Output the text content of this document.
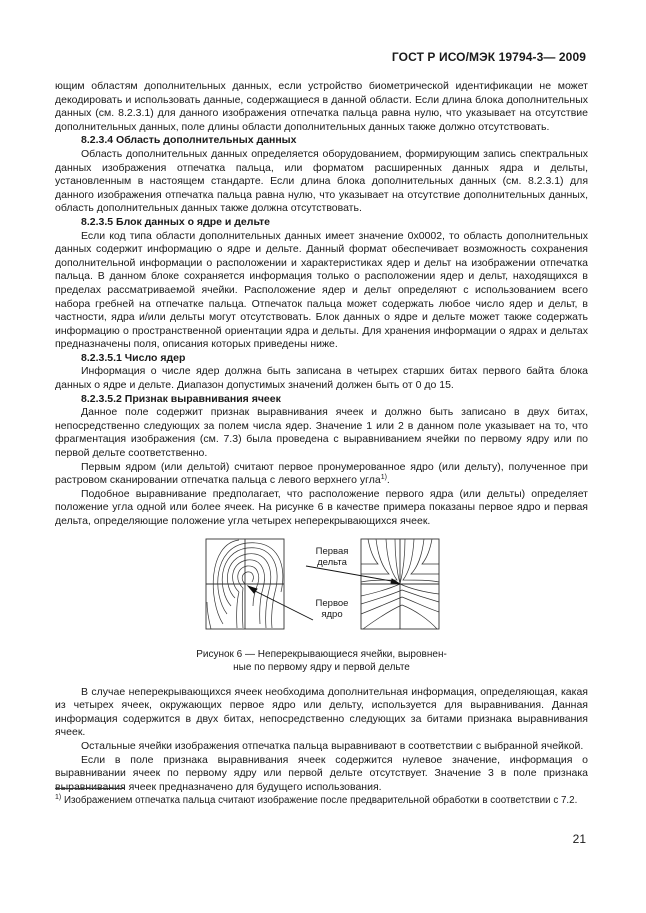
ГОСТ Р ИСО/МЭК 19794-3— 2009

ющим областям дополнительных данных, если устройство биометрической идентификации не может декодировать и использовать данные, содержащиеся в данной области. Если длина блока дополнительных данных (см. 8.2.3.1) для данного изображения отпечатка пальца равна нулю, что указывает на отсутствие дополнительных данных, поле длины области дополнительных данных также должно отсутствовать.

8.2.3.4 Область дополнительных данных

Область дополнительных данных определяется оборудованием, формирующим запись спектральных данных изображения отпечатка пальца, или форматом расширенных данных ядра и дельты, установленным в настоящем стандарте. Если длина блока дополнительных данных (см. 8.2.3.1) для данного изображения отпечатка пальца равна нулю, что указывает на отсутствие дополнительных данных, область дополнительных данных также должна отсутствовать.

8.2.3.5 Блок данных о ядре и дельте

Если код типа области дополнительных данных имеет значение 0x0002, то область дополнительных данных содержит информацию о ядре и дельте. Данный формат обеспечивает возможность сохранения дополнительной информации о расположении и характеристиках ядер и дельт на изображении отпечатка пальца. В данном блоке сохраняется информация только о расположении ядер и дельт, находящихся в пределах рассматриваемой ячейки. Расположение ядер и дельт определяют с использованием всего набора гребней на отпечатке пальца. Отпечаток пальца может содержать любое число ядер и дельт, в частности, ядра и/или дельты могут отсутствовать. Блок данных о ядре и дельте может также содержать информацию о пространственной ориентации ядра и дельты. Для хранения информации о ядрах и дельтах предназначены поля, описания которых приведены ниже.

8.2.3.5.1 Число ядер

Информация о числе ядер должна быть записана в четырех старших битах первого байта блока данных о ядре и дельте. Диапазон допустимых значений должен быть от 0 до 15.

8.2.3.5.2 Признак выравнивания ячеек

Данное поле содержит признак выравнивания ячеек и должно быть записано в двух битах, непосредственно следующих за полем числа ядер. Значение 1 или 2 в данном поле указывает на то, что фрагментация изображения (см. 7.3) была проведена с выравниванием ячейки по первому ядру или по первой дельте соответственно.

Первым ядром (или дельтой) считают первое пронумерованное ядро (или дельту), полученное при растровом сканировании отпечатка пальца с левого верхнего угла$^{1)}$.

Подобное выравнивание предполагает, что расположение первого ядра (или дельты) определяет положение угла одной или более ячеек. На рисунке 6 в качестве примера показаны первое ядро и первая дельта, определяющие положение угла четырех неперекрывающихся ячеек.

Первая
дельта
Первое
ядро
Рисунок 6 — Неперекрывающиеся ячейки, выровнен-
ные по первому ядру и первой дельте

В случае неперекрывающихся ячеек необходима дополнительная информация, определяющая, какая из четырех ячеек, окружающих первое ядро или дельту, используется для выравнивания. Данная информация содержится в двух битах, непосредственно следующих за битами признака выравнивания ячеек.

Остальные ячейки изображения отпечатка пальца выравнивают в соответствии с выбранной ячейкой.

Если в поле признака выравнивания ячеек содержится нулевое значение, информация о выравнивании ячеек по первому ядру или первой дельте отсутствует. Значение 3 в поле признака выравнивания ячеек предназначено для будущего использования.

$^{1)}$ Изображением отпечатка пальца считают изображение после предварительной обработки в соответствии с 7.2.
21
